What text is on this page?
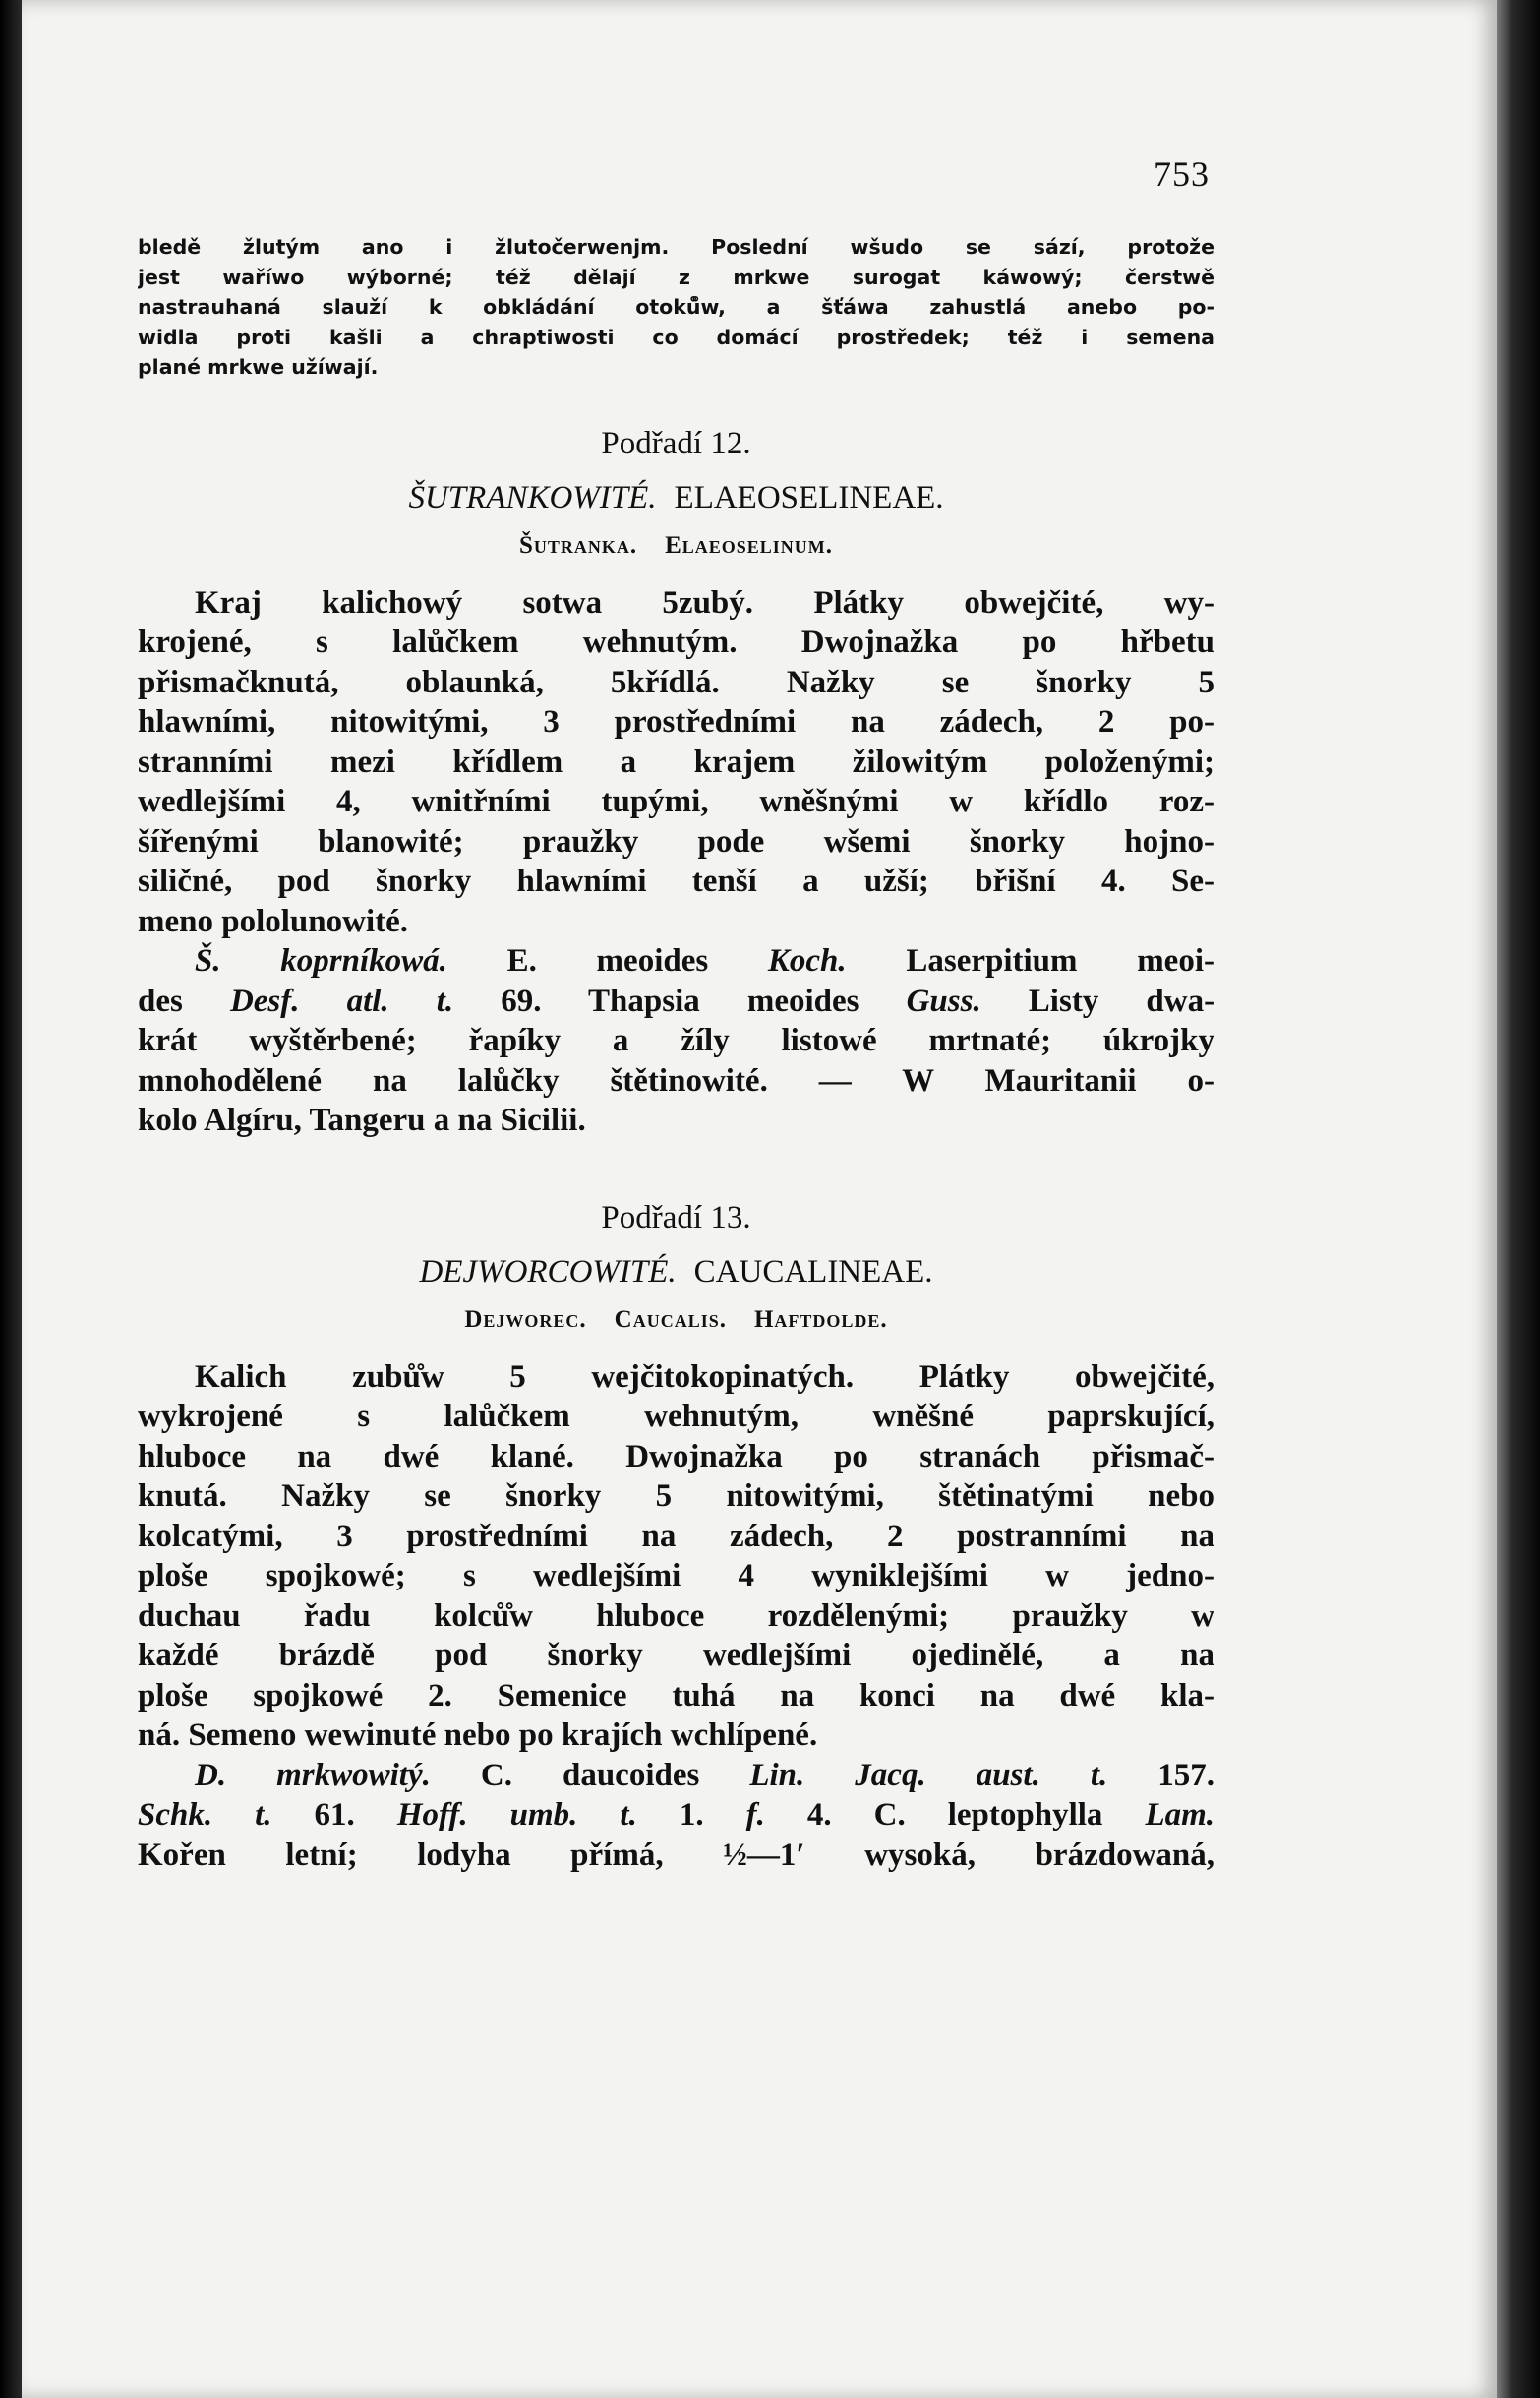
753

bledě žlutým ano i žlutočerwenjm. Poslední wšudo se sází, protože
jest waříwo wýborné; též dělají z mrkwe surogat káwowý; čerstwě
nastrauhaná slauží k obkládání otoků̊w, a šťáwa zahustlá anebo po-
widla proti kašli a chraptiwosti co domácí prostředek; též i semena
plané mrkwe užíwají.

Podřadí 12.
ŠUTRANKOWITÉ. ELAEOSELINEAE.
Šutranka. Elaeoselinum.

Kraj kalichowý sotwa 5zubý. Plátky obwejčité, wy-
krojené, s lalůčkem wehnutým. Dwojnažka po hřbetu
přismačknutá, oblaunká, 5křídlá. Nažky se šnorky 5
hlawními, nitowitými, 3 prostředními na zádech, 2 po-
stranními mezi křídlem a krajem žilowitým položenými;
wedlejšími 4, wnitřními tupými, wněšnými w křídlo roz-
šířenými blanowité; praužky pode wšemi šnorky hojno-
siličné, pod šnorky hlawními tenší a užší; břišní 4. Se-
meno pololunowité.

Š. koprníkowá. E. meoides Koch. Laserpitium meoi-
des Desf. atl. t. 69. Thapsia meoides Guss. Listy dwa-
krát wyštěrbené; řapíky a žíly listowé mrtnaté; úkrojky
mnohodělené na lalůčky štětinowité. — W Mauritanii o-
kolo Algíru, Tangeru a na Sicilii.

Podřadí 13.
DEJWORCOWITÉ. CAUCALINEAE.
Dejworec. Caucalis. Haftdolde.

Kalich zubů̊w 5 wejčitokopinatých. Plátky obwejčité,
wykrojené s lalůčkem wehnutým, wněšné paprskující,
hluboce na dwé klané. Dwojnažka po stranách přismač-
knutá. Nažky se šnorky 5 nitowitými, štětinatými nebo
kolcatými, 3 prostředními na zádech, 2 postranními na
ploše spojkowé; s wedlejšími 4 wyniklejšími w jedno-
duchau řadu kolců̊w hluboce rozdělenými; praužky w
každé brázdě pod šnorky wedlejšími ojedinělé, a na
ploše spojkowé 2. Semenice tuhá na konci na dwé kla-
ná. Semeno wewinuté nebo po krajích wchlípené.

D. mrkwowitý. C. daucoides Lin. Jacq. aust. t. 157.
Schk. t. 61. Hoff. umb. t. 1. f. 4. C. leptophylla Lam.
Kořen letní; lodyha přímá, ½—1′ wysoká, brázdowaná,
